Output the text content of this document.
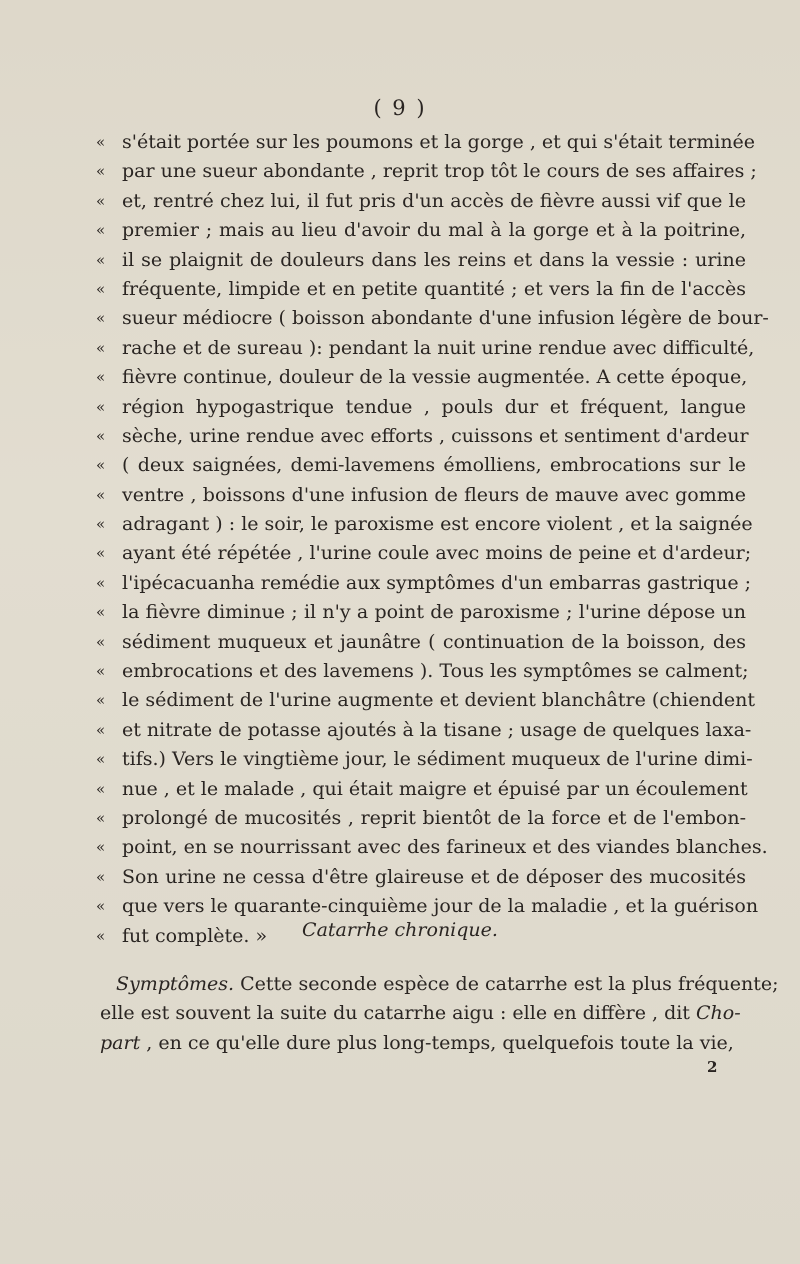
( 9 )
« s'était portée sur les poumons et la gorge , et qui s'était terminée
« par une sueur abondante , reprit trop tôt le cours de ses affaires ;
« et, rentré chez lui, il fut pris d'un accès de fièvre aussi vif que le
« premier ; mais au lieu d'avoir du mal à la gorge et à la poitrine,
« il se plaignit de douleurs dans les reins et dans la vessie : urine
« fréquente, limpide et en petite quantité ; et vers la fin de l'accès
« sueur médiocre ( boisson abondante d'une infusion légère de bour-
« rache et de sureau ): pendant la nuit urine rendue avec difficulté,
« fièvre continue, douleur de la vessie augmentée. A cette époque,
« région hypogastrique tendue , pouls dur et fréquent, langue
« sèche, urine rendue avec efforts , cuissons et sentiment d'ardeur
« ( deux saignées, demi-lavemens émolliens, embrocations sur le
« ventre , boissons d'une infusion de fleurs de mauve avec gomme
« adragant ) : le soir, le paroxisme est encore violent , et la saignée
« ayant été répétée , l'urine coule avec moins de peine et d'ardeur;
« l'ipécacuanha remédie aux symptômes d'un embarras gastrique ;
« la fièvre diminue ; il n'y a point de paroxisme ; l'urine dépose un
« sédiment muqueux et jaunâtre ( continuation de la boisson, des
« embrocations et des lavemens ). Tous les symptômes se calment;
« le sédiment de l'urine augmente et devient blanchâtre (chiendent
« et nitrate de potasse ajoutés à la tisane ; usage de quelques laxa-
« tifs.) Vers le vingtième jour, le sédiment muqueux de l'urine dimi-
« nue , et le malade , qui était maigre et épuisé par un écoulement
« prolongé de mucosités , reprit bientôt de la force et de l'embon-
« point, en se nourrissant avec des farineux et des viandes blanches.
« Son urine ne cessa d'être glaireuse et de déposer des mucosités
« que vers le quarante-cinquième jour de la maladie , et la guérison
« fut complète. »	Catarrhe chronique.
Symptômes. Cette seconde espèce de catarrhe est la plus fréquente;
elle est souvent la suite du catarrhe aigu : elle en diffère , dit Cho-
part , en ce qu'elle dure plus long-temps, quelquefois toute la vie,
2
